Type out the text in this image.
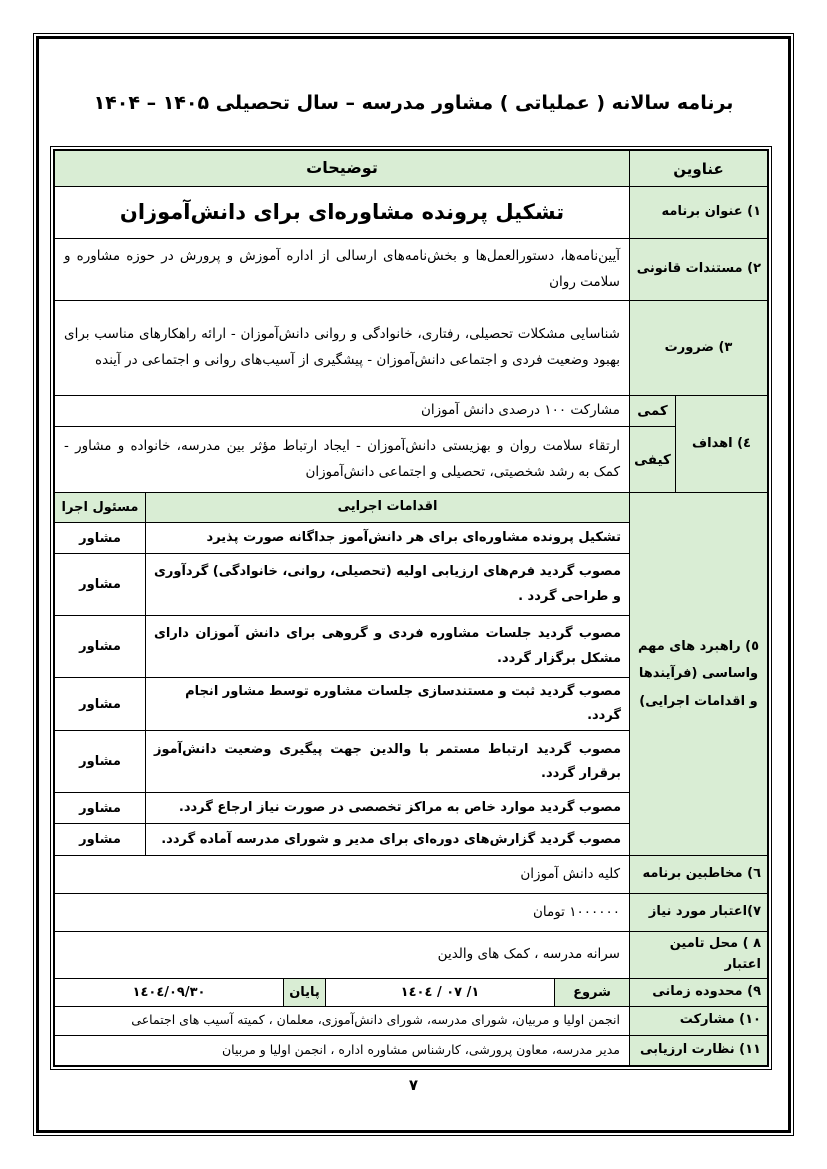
برنامه سالانه ( عملیاتی ) مشاور مدرسه – سال تحصیلی ۱۴۰۵ – ۱۴۰۴
عناوین
توضیحات
۱) عنوان برنامه
تشکیل پرونده مشاوره‌ای برای دانش‌آموزان
۲) مستندات قانونی
آیین‌نامه‌ها، دستورالعمل‌ها و بخش‌نامه‌های ارسالی از اداره آموزش و پرورش در حوزه مشاوره و سلامت روان
۳) ضرورت
شناسایی مشکلات تحصیلی، رفتاری، خانوادگی و روانی دانش‌آموزان - ارائه راهکارهای مناسب برای بهبود وضعیت فردی و اجتماعی دانش‌آموزان - پیشگیری از آسیب‌های روانی و اجتماعی در آینده
٤) اهداف
کمی
کیفی
مشارکت ١٠٠ درصدی دانش آموزان
ارتقاء سلامت روان و بهزیستی دانش‌آموزان - ایجاد ارتباط مؤثر بین مدرسه، خانواده و مشاور - کمک به رشد شخصیتی، تحصیلی و اجتماعی دانش‌آموزان
٥) راهبرد های مهم واساسی (فرآیندها و اقدامات اجرایی)
اقدامات اجرایی
مسئول اجرا
تشکیل پرونده مشاوره‌ای برای هر دانش‌آموز جداگانه صورت پذیرد
مشاور
مصوب گردید فرم‌های ارزیابی اولیه (تحصیلی، روانی، خانوادگی) گردآوری و طراحی گردد .
مشاور
مصوب گردید جلسات مشاوره فردی و گروهی برای دانش آموزان دارای مشکل برگزار گردد.
مشاور
مصوب گردید ثبت و مستندسازی جلسات مشاوره توسط مشاور انجام گردد.
مشاور
مصوب گردید ارتباط مستمر با والدین جهت پیگیری وضعیت دانش‌آموز برقرار گردد.
مشاور
مصوب گردید موارد خاص به مراکز تخصصی در صورت نیاز ارجاع گردد.
مشاور
مصوب گردید گزارش‌های دوره‌ای برای مدیر و شورای مدرسه آماده گردد.
مشاور
٦) مخاطبین برنامه
کلیه دانش آموزان
٧)اعتبار مورد نیاز
١٠٠٠٠٠٠ تومان
٨ ) محل تامین اعتبار
سرانه مدرسه ، کمک های والدین
٩) محدوده زمانی
شروع
١/ ٠٧ / ١٤٠٤
پایان
١٤٠٤/٠٩/٣٠
١٠) مشارکت
انجمن اولیا و مربیان، شورای مدرسه، شورای دانش‌آموزی، معلمان ، کمیته آسیب های اجتماعی
١١) نظارت ارزیابی
مدیر مدرسه، معاون پرورشی، کارشناس مشاوره اداره ، انجمن اولیا و مربیان
٧
